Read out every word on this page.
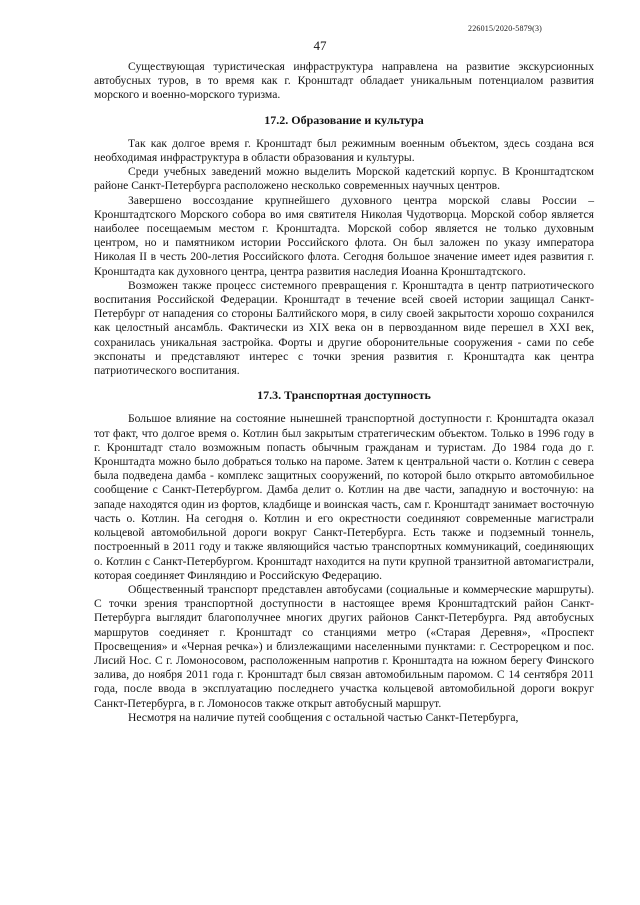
226015/2020-5879(3)
47

Существующая туристическая инфраструктура направлена на развитие экскурсионных автобусных туров, в то время как г. Кронштадт обладает уникальным потенциалом развития морского и военно-морского туризма.

17.2. Образование и культура

Так как долгое время г. Кронштадт был режимным военным объектом, здесь создана вся необходимая инфраструктура в области образования и культуры.

Среди учебных заведений можно выделить Морской кадетский корпус. В Кронштадтском районе Санкт-Петербурга расположено несколько современных научных центров.

Завершено воссоздание крупнейшего духовного центра морской славы России – Кронштадтского Морского собора во имя святителя Николая Чудотворца. Морской собор является наиболее посещаемым местом г. Кронштадта. Морской собор является не только духовным центром, но и памятником истории Российского флота. Он был заложен по указу императора Николая II в честь 200-летия Российского флота. Сегодня большое значение имеет идея развития г. Кронштадта как духовного центра, центра развития наследия Иоанна Кронштадтского.

Возможен также процесс системного превращения г. Кронштадта в центр патриотического воспитания Российской Федерации. Кронштадт в течение всей своей истории защищал Санкт-Петербург от нападения со стороны Балтийского моря, в силу своей закрытости хорошо сохранился как целостный ансамбль. Фактически из XIX века он в первозданном виде перешел в XXI век, сохранилась уникальная застройка. Форты и другие оборонительные сооружения - сами по себе экспонаты и представляют интерес с точки зрения развития г. Кронштадта как центра патриотического воспитания.

17.3. Транспортная доступность

Большое влияние на состояние нынешней транспортной доступности г. Кронштадта оказал тот факт, что долгое время о. Котлин был закрытым стратегическим объектом. Только в 1996 году в г. Кронштадт стало возможным попасть обычным гражданам и туристам. До 1984 года до г. Кронштадта можно было добраться только на пароме. Затем к центральной части о. Котлин с севера была подведена дамба - комплекс защитных сооружений, по которой было открыто автомобильное сообщение с Санкт-Петербургом. Дамба делит о. Котлин на две части, западную и восточную: на западе находятся один из фортов, кладбище и воинская часть, сам г. Кронштадт занимает восточную часть о. Котлин. На сегодня о. Котлин и его окрестности соединяют современные магистрали кольцевой автомобильной дороги вокруг Санкт-Петербурга. Есть также и подземный тоннель, построенный в 2011 году и также являющийся частью транспортных коммуникаций, соединяющих о. Котлин с Санкт-Петербургом. Кронштадт находится на пути крупной транзитной автомагистрали, которая соединяет Финляндию и Российскую Федерацию.

Общественный транспорт представлен автобусами (социальные и коммерческие маршруты). С точки зрения транспортной доступности в настоящее время Кронштадтский район Санкт-Петербурга выглядит благополучнее многих других районов Санкт-Петербурга. Ряд автобусных маршрутов соединяет г. Кронштадт со станциями метро («Старая Деревня», «Проспект Просвещения» и «Черная речка») и близлежащими населенными пунктами: г. Сестрорецком и пос. Лисий Нос. С г. Ломоносовом, расположенным напротив г. Кронштадта на южном берегу Финского залива, до ноября 2011 года г. Кронштадт был связан автомобильным паромом. С 14 сентября 2011 года, после ввода в эксплуатацию последнего участка кольцевой автомобильной дороги вокруг Санкт-Петербурга, в г. Ломоносов также открыт автобусный маршрут.

Несмотря на наличие путей сообщения с остальной частью Санкт-Петербурга,
